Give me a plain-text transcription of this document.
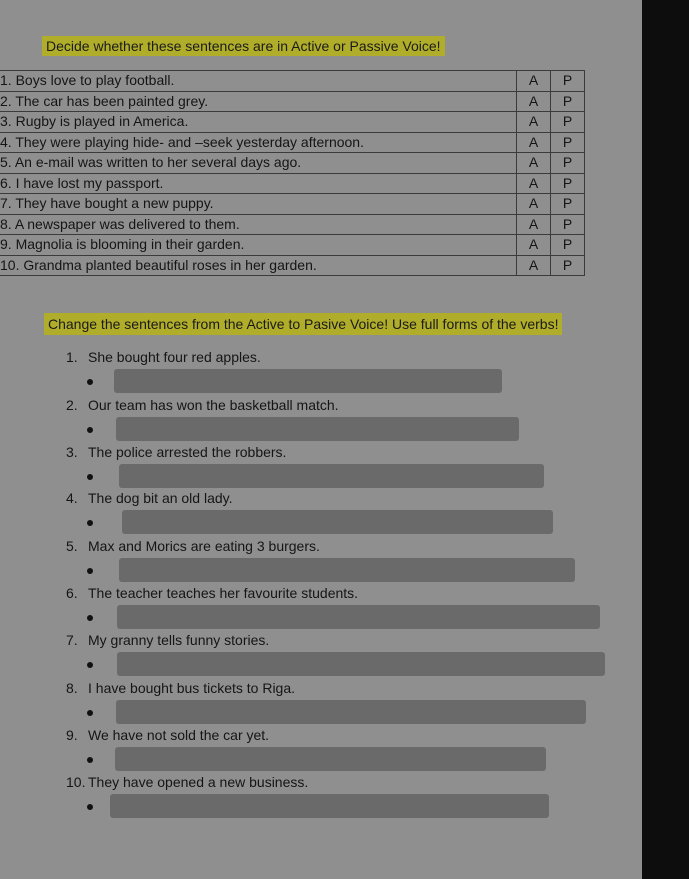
Decide whether these sentences are in Active or Passive Voice!
1. Boys love to play football.	A	P
2. The car has been painted grey.	A	P
3. Rugby is played in America.	A	P
4. They were playing hide- and –seek yesterday afternoon.	A	P
5. An e-mail was written to her several days ago.	A	P
6. I have lost my passport.	A	P
7. They have bought a new puppy.	A	P
8. A newspaper was delivered to them.	A	P
9. Magnolia is blooming in their garden.	A	P
10. Grandma planted beautiful roses in her garden.	A	P
Change the sentences from the Active to Pasive Voice! Use full forms of the verbs!
1. She bought four red apples.
2. Our team has won the basketball match.
3. The police arrested the robbers.
4. The dog bit an old lady.
5. Max and Morics are eating 3 burgers.
6. The teacher teaches her favourite students.
7. My granny tells funny stories.
8. I have bought bus tickets to Riga.
9. We have not sold the car yet.
10. They have opened a new business.
